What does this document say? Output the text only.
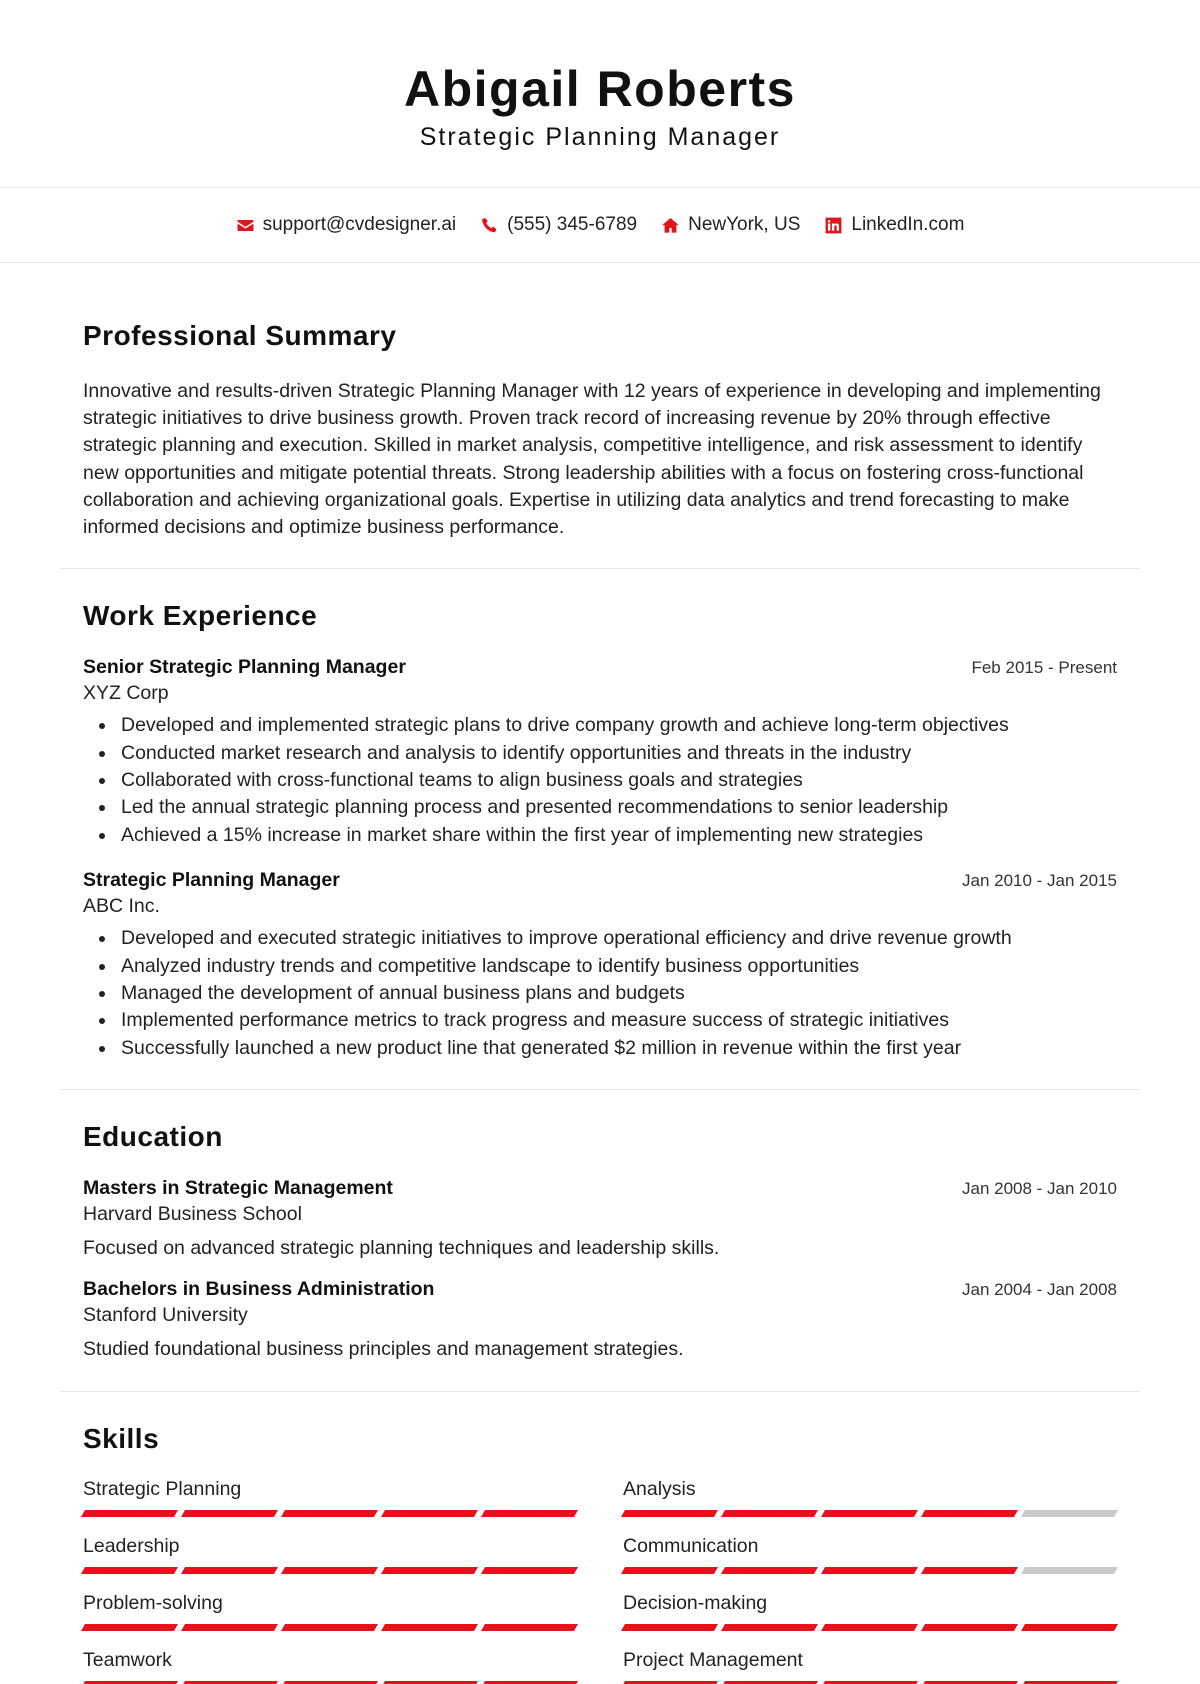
Abigail Roberts
Strategic Planning Manager
support@cvdesigner.ai	(555) 345-6789	NewYork, US	LinkedIn.com
Professional Summary

Innovative and results-driven Strategic Planning Manager with 12 years of experience in developing and implementing strategic initiatives to drive business growth. Proven track record of increasing revenue by 20% through effective strategic planning and execution. Skilled in market analysis, competitive intelligence, and risk assessment to identify new opportunities and mitigate potential threats. Strong leadership abilities with a focus on fostering cross-functional collaboration and achieving organizational goals. Expertise in utilizing data analytics and trend forecasting to make informed decisions and optimize business performance.

Work Experience
Senior Strategic Planning Manager	Feb 2015 - Present
XYZ Corp
Developed and implemented strategic plans to drive company growth and achieve long-term objectives
Conducted market research and analysis to identify opportunities and threats in the industry
Collaborated with cross-functional teams to align business goals and strategies
Led the annual strategic planning process and presented recommendations to senior leadership
Achieved a 15% increase in market share within the first year of implementing new strategies
Strategic Planning Manager	Jan 2010 - Jan 2015
ABC Inc.
Developed and executed strategic initiatives to improve operational efficiency and drive revenue growth
Analyzed industry trends and competitive landscape to identify business opportunities
Managed the development of annual business plans and budgets
Implemented performance metrics to track progress and measure success of strategic initiatives
Successfully launched a new product line that generated $2 million in revenue within the first year
Education
Masters in Strategic Management	Jan 2008 - Jan 2010
Harvard Business School
Focused on advanced strategic planning techniques and leadership skills.
Bachelors in Business Administration	Jan 2004 - Jan 2008
Stanford University
Studied foundational business principles and management strategies.
Skills
Strategic Planning	Analysis
Leadership	Communication
Problem-solving	Decision-making
Teamwork	Project Management
